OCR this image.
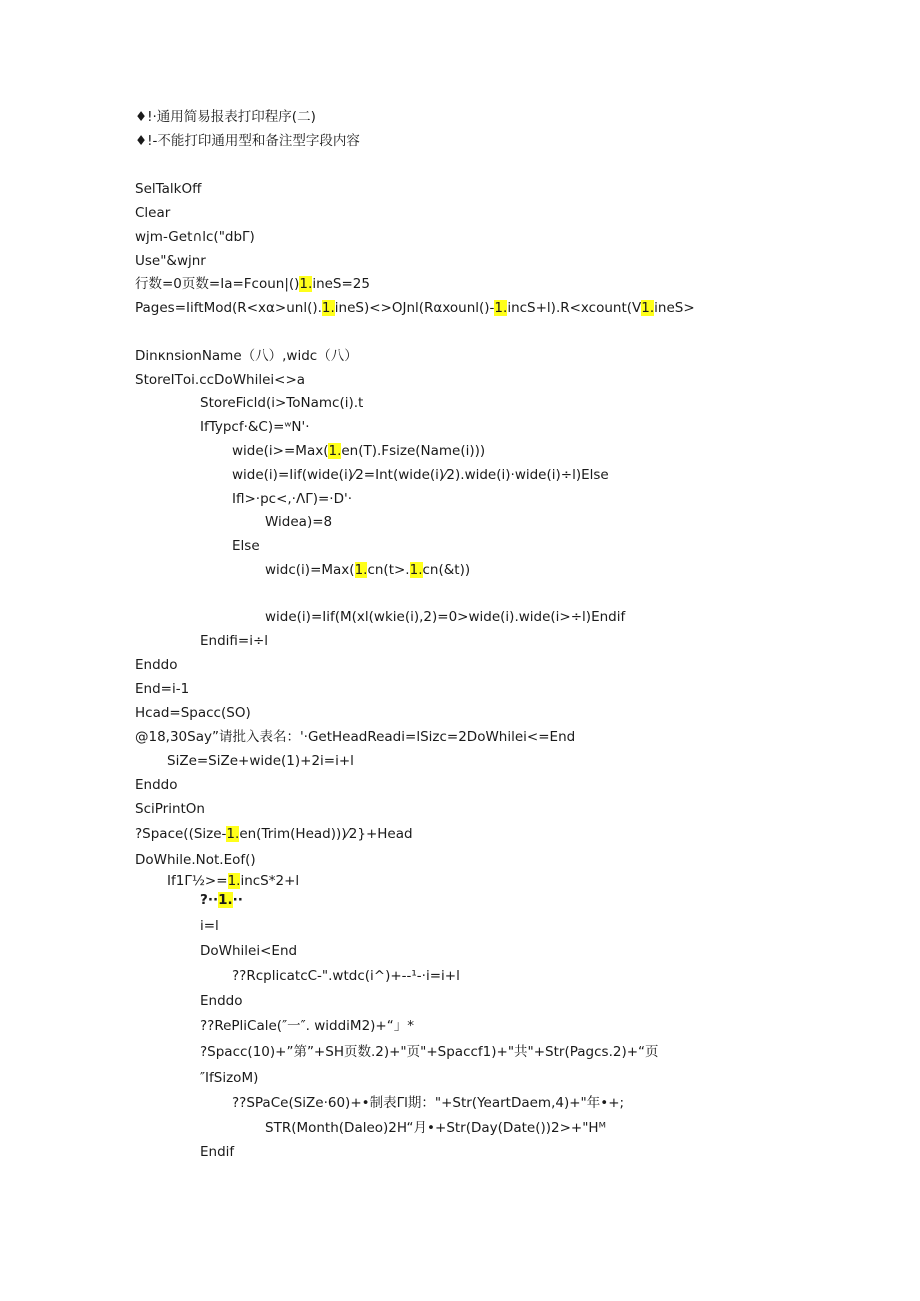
♦!·通用简易报表打印程序(二)
♦!-不能打印通用型和备注型字段内容
SelTalkOff
Clear
wjm-Get∩lc("dbΓ)
Use"&wjnr
行数=0页数=Ia=Fcoun|()1.ineS=25
Pages=IiftMod(R<xα>unl().1.ineS)<>OJnl(Rαxounl()-1.incS+l).R<xcount(V1.ineS>
DinκnsionName（八）,widc（八）
StoreITοi.ccDoWhilei<>a
StoreFicld(i>ToNamc(i).t
IfTypcf·&C)=ʷN'·
wide(i>=Max(1.en(T).Fsize(Name(i)))
wide(i)=Iif(wide(i)⁄2=Int(wide(i)⁄2).wide(i)·wide(i)÷l)Else
Ifl>·pc<,·ΛΓ)=·D'·
Widea)=8
Else
widc(i)=Max(1.cn(t>.1.cn(&t))
wide(i)=Iif(M(xl(wkie(i),2)=0>wide(i).wide(i>÷l)Endif
Endifi=i÷l
Enddo
End=i-1
Hcad=Spacc(SO)
@18,30Say”请批入表名：'·GetHeadReadi=lSizc=2DoWhilei<=End
SiZe=SiZe+wide(1)+2i=i+l
Enddo
SciPrintOn
?Space((Size-1.en(Trim(Head)))⁄2}+Head
DoWhile.Not.Eof()
If1Γ½>=1.incS*2+l
?··1.··
i=l
DoWhilei<End
??RcplicatcC-".wtdc(i^)+--¹-·i=i+l
Enddo
??RePliCale(″一″. widdiM2)+“」*
?Spacc(10)+”第”+SH页数.2)+"页"+Spaccf1)+"共"+Str(Pagcs.2)+“页
″IfSizoM)
??SPaCe(SiZe·60)+•制表Γl期："+Str(YeartDaem,4)+"年•+;
STR(Month(Daleo)2H“月•+Str(Day(Date())2>+"Hᴹ
Endif
